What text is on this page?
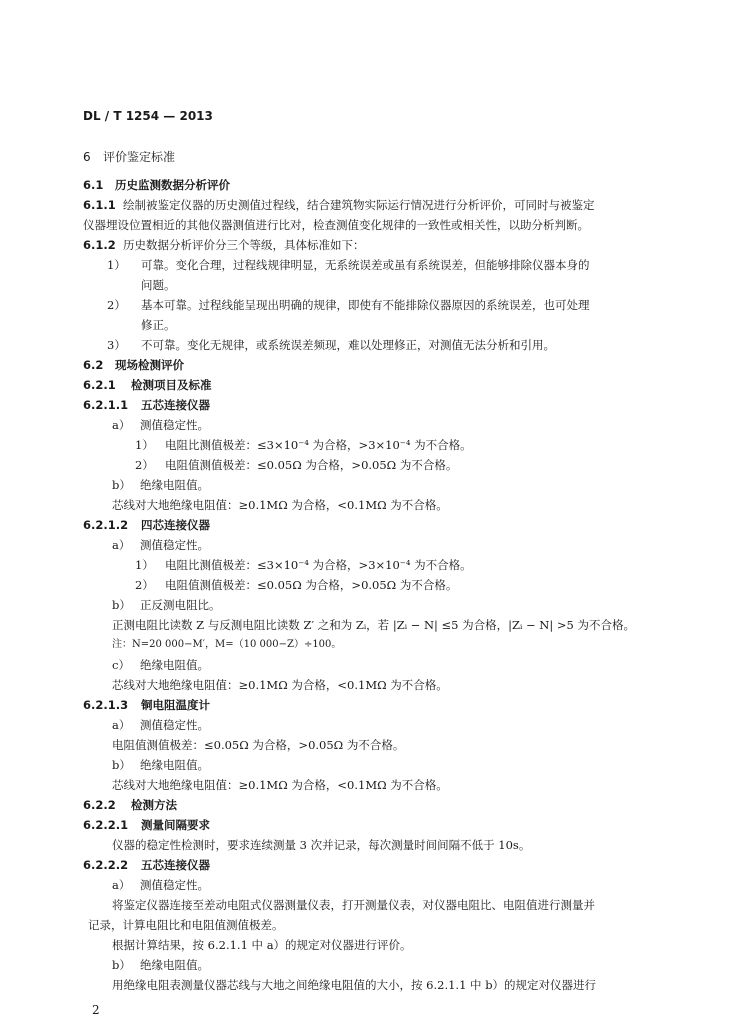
DL / T 1254 — 2013
6 评价鉴定标准
6.1 历史监测数据分析评价
6.1.1 绘制被鉴定仪器的历史测值过程线，结合建筑物实际运行情况进行分析评价，可同时与被鉴定
仪器埋设位置相近的其他仪器测值进行比对，检查测值变化规律的一致性或相关性，以助分析判断。
6.1.2 历史数据分析评价分三个等级，具体标准如下：
1） 可靠。变化合理，过程线规律明显，无系统误差或虽有系统误差，但能够排除仪器本身的
问题。
2） 基本可靠。过程线能呈现出明确的规律，即使有不能排除仪器原因的系统误差，也可处理
修正。
3） 不可靠。变化无规律，或系统误差频现，难以处理修正，对测值无法分析和引用。
6.2 现场检测评价
6.2.1 检测项目及标准
6.2.1.1 五芯连接仪器
a） 测值稳定性。
1） 电阻比测值极差：≤3×10⁻⁴ 为合格，>3×10⁻⁴ 为不合格。
2） 电阻值测值极差：≤0.05Ω 为合格，>0.05Ω 为不合格。
b） 绝缘电阻值。
芯线对大地绝缘电阻值：≥0.1MΩ 为合格，<0.1MΩ 为不合格。
6.2.1.2 四芯连接仪器
a） 测值稳定性。
1） 电阻比测值极差：≤3×10⁻⁴ 为合格，>3×10⁻⁴ 为不合格。
2） 电阻值测值极差：≤0.05Ω 为合格，>0.05Ω 为不合格。
b） 正反测电阻比。
正测电阻比读数 Z 与反测电阻比读数 Z′ 之和为 Zᵢ，若 |Zᵢ − N| ≤5 为合格，|Zᵢ − N| >5 为不合格。
注：N=20 000−M′，M=（10 000−Z）÷100。
c） 绝缘电阻值。
芯线对大地绝缘电阻值：≥0.1MΩ 为合格，<0.1MΩ 为不合格。
6.2.1.3 铜电阻温度计
a） 测值稳定性。
电阻值测值极差：≤0.05Ω 为合格，>0.05Ω 为不合格。
b） 绝缘电阻值。
芯线对大地绝缘电阻值：≥0.1MΩ 为合格，<0.1MΩ 为不合格。
6.2.2 检测方法
6.2.2.1 测量间隔要求
仪器的稳定性检测时，要求连续测量 3 次并记录，每次测量时间间隔不低于 10s。
6.2.2.2 五芯连接仪器
a） 测值稳定性。
将鉴定仪器连接至差动电阻式仪器测量仪表，打开测量仪表，对仪器电阻比、电阻值进行测量并
记录，计算电阻比和电阻值测值极差。
根据计算结果，按 6.2.1.1 中 a）的规定对仪器进行评价。
b） 绝缘电阻值。
用绝缘电阻表测量仪器芯线与大地之间绝缘电阻值的大小，按 6.2.1.1 中 b）的规定对仪器进行
2
